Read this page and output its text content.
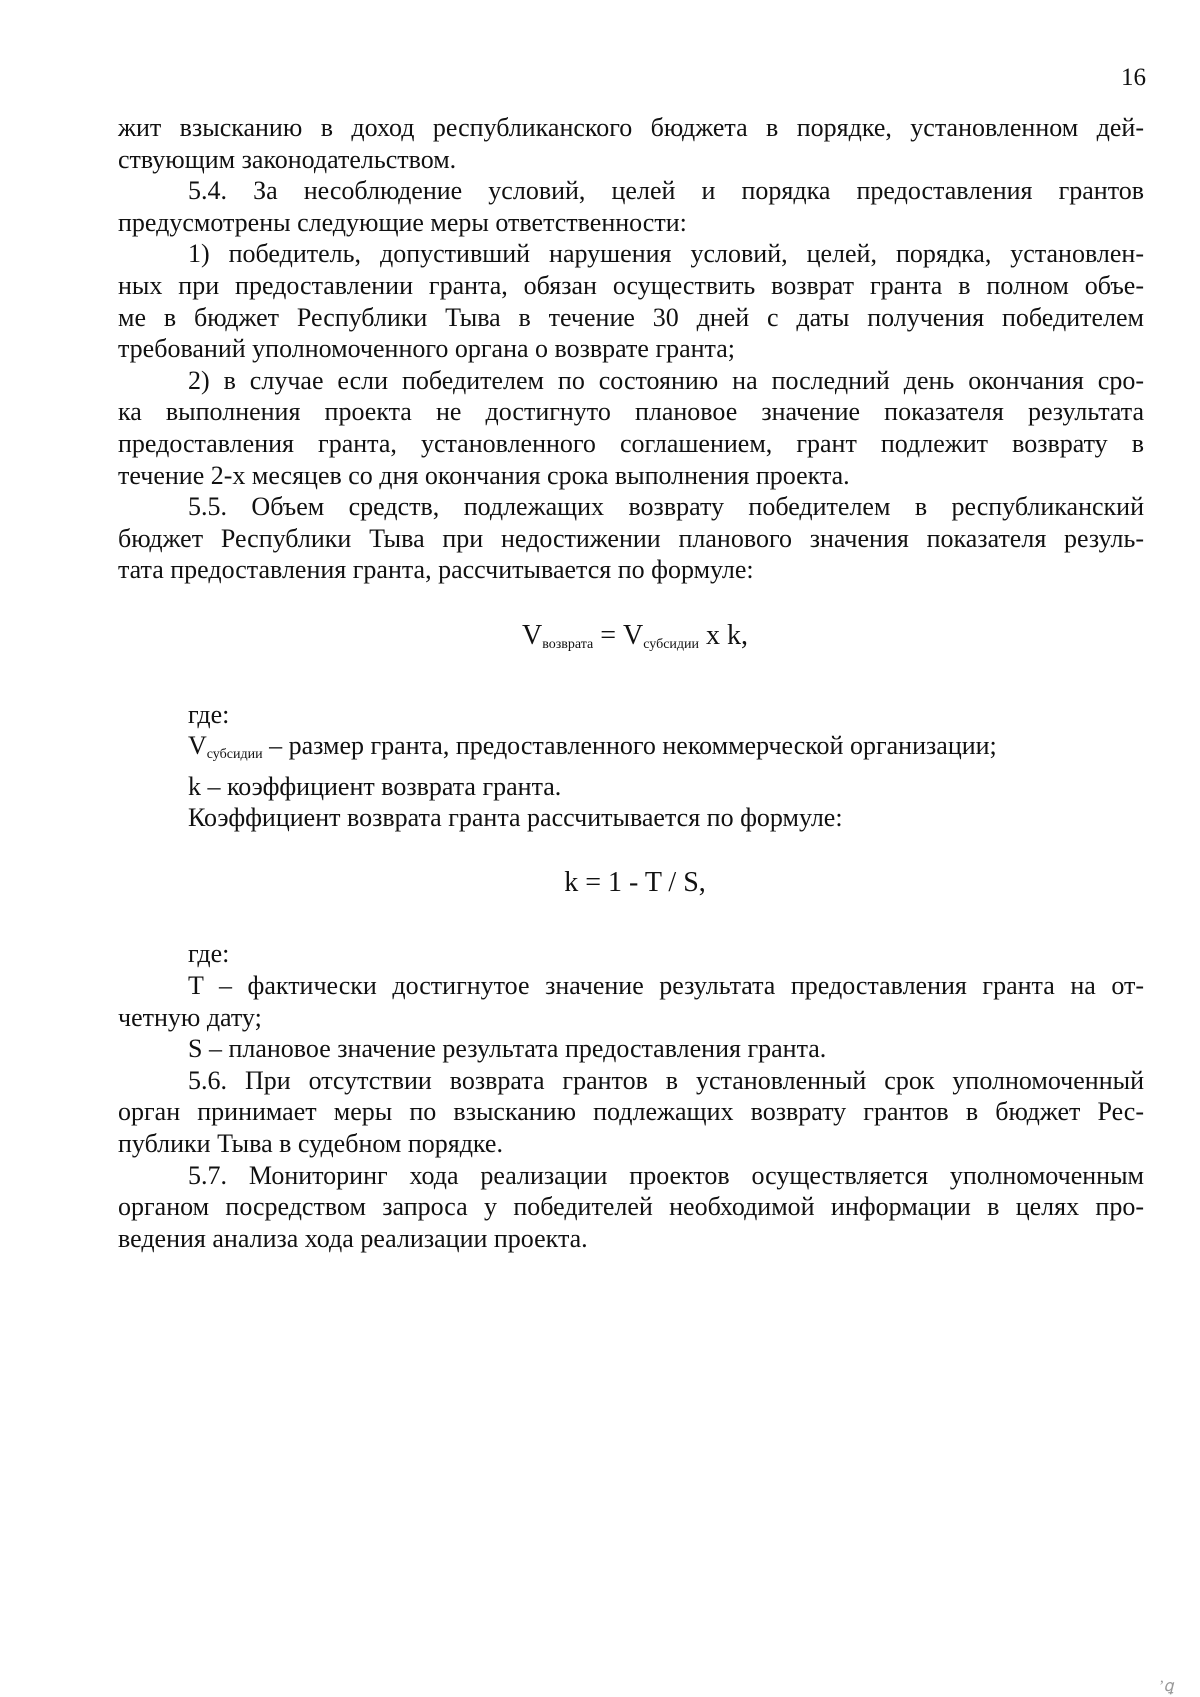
16
жит взысканию в доход республиканского бюджета в порядке, установленном дей-
ствующим законодательством.
5.4. За несоблюдение условий, целей и порядка предоставления грантов
предусмотрены следующие меры ответственности:
1) победитель, допустивший нарушения условий, целей, порядка, установлен-
ных при предоставлении гранта, обязан осуществить возврат гранта в полном объе-
ме в бюджет Республики Тыва в течение 30 дней с даты получения победителем
требований уполномоченного органа о возврате гранта;
2) в случае если победителем по состоянию на последний день окончания сро-
ка выполнения проекта не достигнуто плановое значение показателя результата
предоставления гранта, установленного соглашением, грант подлежит возврату в
течение 2-х месяцев со дня окончания срока выполнения проекта.
5.5. Объем средств, подлежащих возврату победителем в республиканский
бюджет Республики Тыва при недостижении планового значения показателя резуль-
тата предоставления гранта, рассчитывается по формуле:
$V_{возврата} = V_{субсидии}$ x k,
где:
$V_{субсидии}$ – размер гранта, предоставленного некоммерческой организации;
k – коэффициент возврата гранта.
Коэффициент возврата гранта рассчитывается по формуле:
k = 1 - T / S,
где:
T – фактически достигнутое значение результата предоставления гранта на от-
четную дату;
S – плановое значение результата предоставления гранта.
5.6. При отсутствии возврата грантов в установленный срок уполномоченный
орган принимает меры по взысканию подлежащих возврату грантов в бюджет Рес-
публики Тыва в судебном порядке.
5.7. Мониторинг хода реализации проектов осуществляется уполномоченным
органом посредством запроса у победителей необходимой информации в целях про-
ведения анализа хода реализации проекта.
ʼꝗ
